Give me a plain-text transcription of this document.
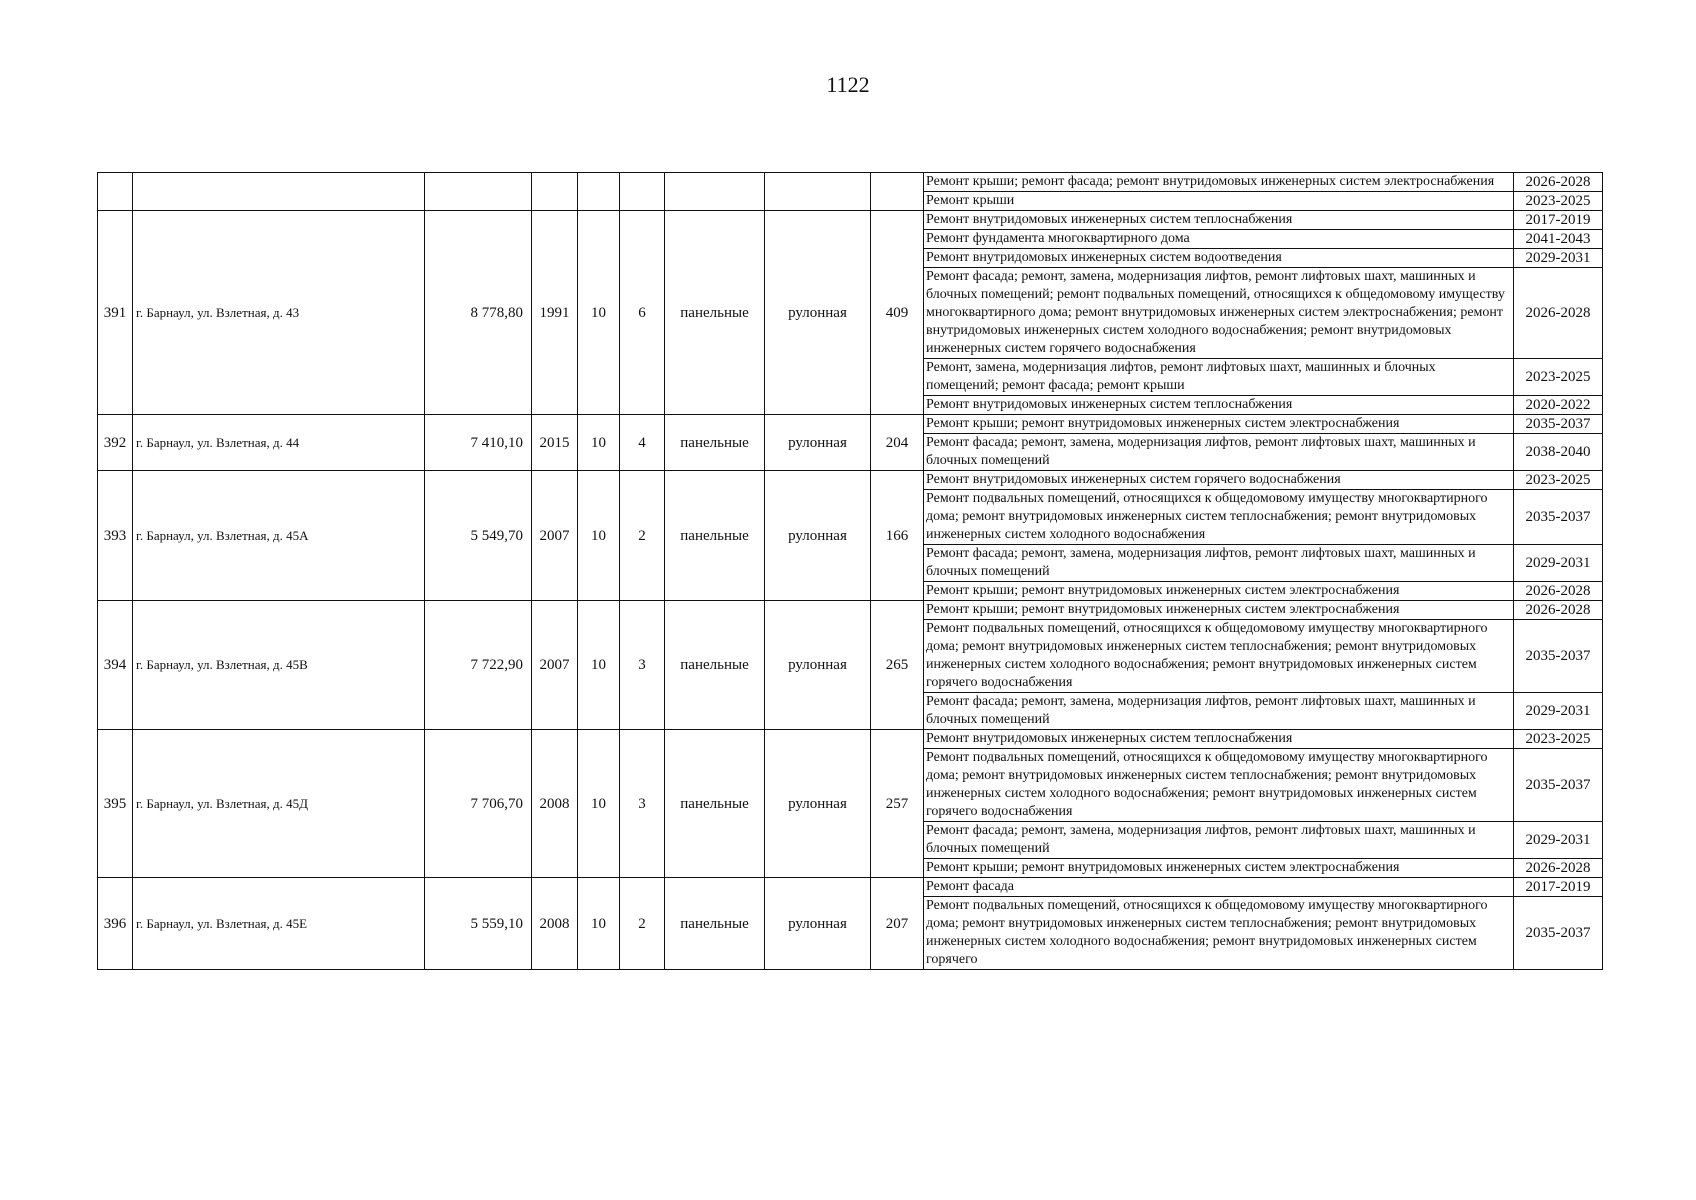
1122
									Ремонт крыши; ремонт фасада; ремонт внутридомовых инженерных систем электроснабжения	2026-2028
									Ремонт крыши	2023-2025
391	г. Барнаул, ул. Взлетная, д. 43	8 778,80	1991	10	6	панельные	рулонная	409	Ремонт внутридомовых инженерных систем теплоснабжения	2017-2019
									Ремонт фундамента многоквартирного дома	2041-2043
									Ремонт внутридомовых инженерных систем водоотведения	2029-2031
									Ремонт фасада; ремонт, замена, модернизация лифтов, ремонт лифтовых шахт, машинных и блочных помещений; ремонт подвальных помещений, относящихся к общедомовому имуществу многоквартирного дома; ремонт внутридомовых инженерных систем электроснабжения; ремонт внутридомовых инженерных систем холодного водоснабжения; ремонт внутридомовых инженерных систем горячего водоснабжения	2026-2028
									Ремонт, замена, модернизация лифтов, ремонт лифтовых шахт, машинных и блочных помещений; ремонт фасада; ремонт крыши	2023-2025
									Ремонт внутридомовых инженерных систем теплоснабжения	2020-2022
392	г. Барнаул, ул. Взлетная, д. 44	7 410,10	2015	10	4	панельные	рулонная	204	Ремонт крыши; ремонт внутридомовых инженерных систем электроснабжения	2035-2037
									Ремонт фасада; ремонт, замена, модернизация лифтов, ремонт лифтовых шахт, машинных и блочных помещений	2038-2040
393	г. Барнаул, ул. Взлетная, д. 45А	5 549,70	2007	10	2	панельные	рулонная	166	Ремонт внутридомовых инженерных систем горячего водоснабжения	2023-2025
									Ремонт подвальных помещений, относящихся к общедомовому имуществу многоквартирного дома; ремонт внутридомовых инженерных систем теплоснабжения; ремонт внутридомовых инженерных систем холодного водоснабжения	2035-2037
									Ремонт фасада; ремонт, замена, модернизация лифтов, ремонт лифтовых шахт, машинных и блочных помещений	2029-2031
									Ремонт крыши; ремонт внутридомовых инженерных систем электроснабжения	2026-2028
394	г. Барнаул, ул. Взлетная, д. 45В	7 722,90	2007	10	3	панельные	рулонная	265	Ремонт крыши; ремонт внутридомовых инженерных систем электроснабжения	2026-2028
									Ремонт подвальных помещений, относящихся к общедомовому имуществу многоквартирного дома; ремонт внутридомовых инженерных систем теплоснабжения; ремонт внутридомовых инженерных систем холодного водоснабжения; ремонт внутридомовых инженерных систем горячего водоснабжения	2035-2037
									Ремонт фасада; ремонт, замена, модернизация лифтов, ремонт лифтовых шахт, машинных и блочных помещений	2029-2031
395	г. Барнаул, ул. Взлетная, д. 45Д	7 706,70	2008	10	3	панельные	рулонная	257	Ремонт внутридомовых инженерных систем теплоснабжения	2023-2025
									Ремонт подвальных помещений, относящихся к общедомовому имуществу многоквартирного дома; ремонт внутридомовых инженерных систем теплоснабжения; ремонт внутридомовых инженерных систем холодного водоснабжения; ремонт внутридомовых инженерных систем горячего водоснабжения	2035-2037
									Ремонт фасада; ремонт, замена, модернизация лифтов, ремонт лифтовых шахт, машинных и блочных помещений	2029-2031
									Ремонт крыши; ремонт внутридомовых инженерных систем электроснабжения	2026-2028
396	г. Барнаул, ул. Взлетная, д. 45Е	5 559,10	2008	10	2	панельные	рулонная	207	Ремонт фасада	2017-2019
									Ремонт подвальных помещений, относящихся к общедомовому имуществу многоквартирного дома; ремонт внутридомовых инженерных систем теплоснабжения; ремонт внутридомовых инженерных систем холодного водоснабжения; ремонт внутридомовых инженерных систем горячего	2035-2037
